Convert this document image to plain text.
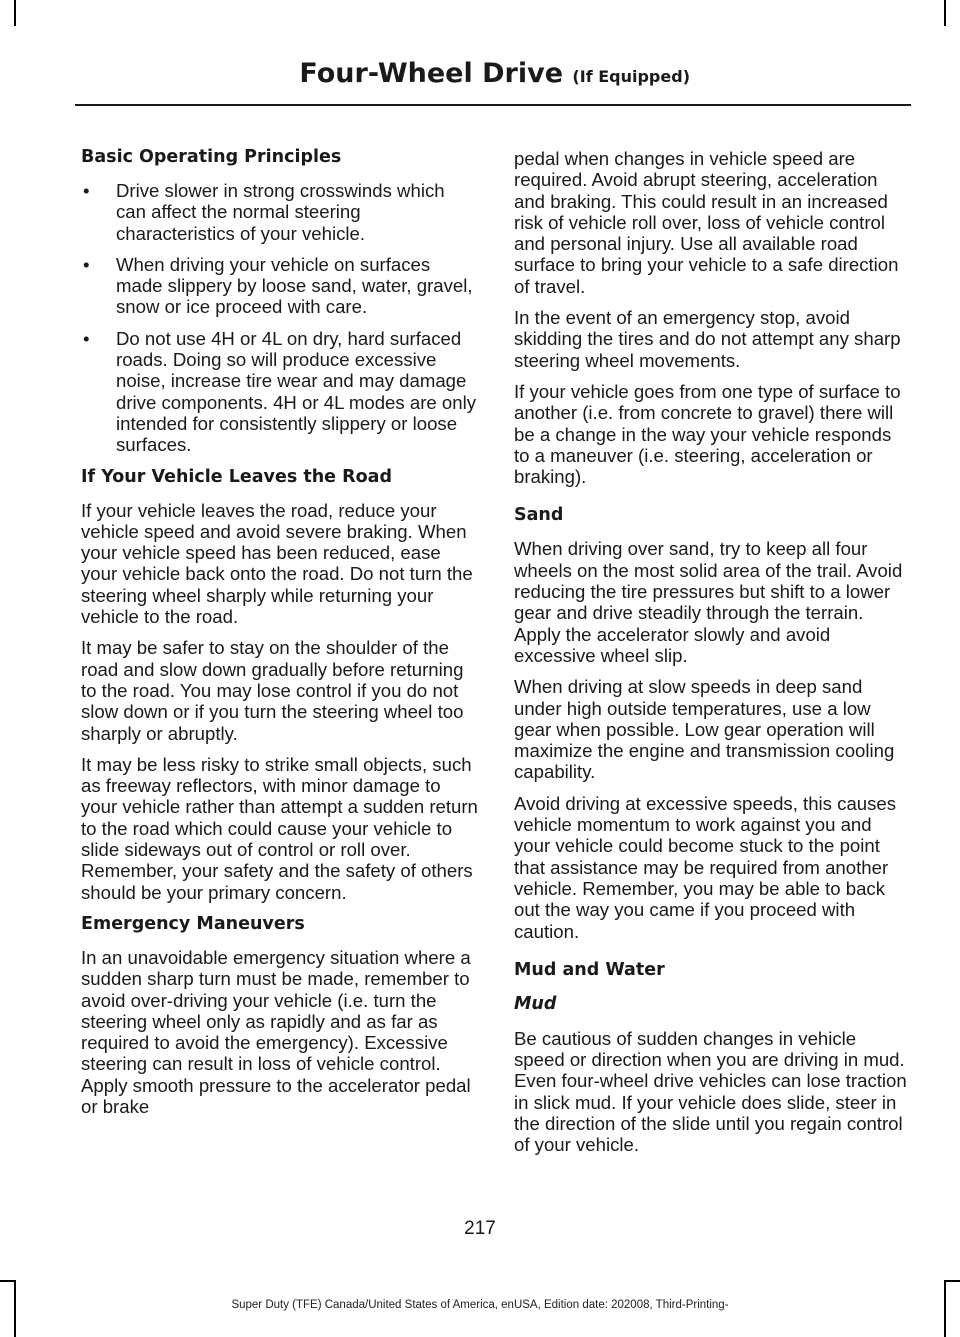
Four-Wheel Drive (If Equipped)
Basic Operating Principles
• Drive slower in strong crosswinds which can affect the normal steering characteristics of your vehicle.
• When driving your vehicle on surfaces made slippery by loose sand, water, gravel, snow or ice proceed with care.
• Do not use 4H or 4L on dry, hard surfaced roads. Doing so will produce excessive noise, increase tire wear and may damage drive components. 4H or 4L modes are only intended for consistently slippery or loose surfaces.
If Your Vehicle Leaves the Road

If your vehicle leaves the road, reduce your vehicle speed and avoid severe braking. When your vehicle speed has been reduced, ease your vehicle back onto the road. Do not turn the steering wheel sharply while returning your vehicle to the road.

It may be safer to stay on the shoulder of the road and slow down gradually before returning to the road. You may lose control if you do not slow down or if you turn the steering wheel too sharply or abruptly.

It may be less risky to strike small objects, such as freeway reflectors, with minor damage to your vehicle rather than attempt a sudden return to the road which could cause your vehicle to slide sideways out of control or roll over. Remember, your safety and the safety of others should be your primary concern.

Emergency Maneuvers

In an unavoidable emergency situation where a sudden sharp turn must be made, remember to avoid over-driving your vehicle (i.e. turn the steering wheel only as rapidly and as far as required to avoid the emergency). Excessive steering can result in loss of vehicle control. Apply smooth pressure to the accelerator pedal or brake

pedal when changes in vehicle speed are required. Avoid abrupt steering, acceleration and braking. This could result in an increased risk of vehicle roll over, loss of vehicle control and personal injury. Use all available road surface to bring your vehicle to a safe direction of travel.

In the event of an emergency stop, avoid skidding the tires and do not attempt any sharp steering wheel movements.

If your vehicle goes from one type of surface to another (i.e. from concrete to gravel) there will be a change in the way your vehicle responds to a maneuver (i.e. steering, acceleration or braking).

Sand

When driving over sand, try to keep all four wheels on the most solid area of the trail. Avoid reducing the tire pressures but shift to a lower gear and drive steadily through the terrain. Apply the accelerator slowly and avoid excessive wheel slip.

When driving at slow speeds in deep sand under high outside temperatures, use a low gear when possible. Low gear operation will maximize the engine and transmission cooling capability.

Avoid driving at excessive speeds, this causes vehicle momentum to work against you and your vehicle could become stuck to the point that assistance may be required from another vehicle. Remember, you may be able to back out the way you came if you proceed with caution.

Mud and Water
Mud

Be cautious of sudden changes in vehicle speed or direction when you are driving in mud. Even four-wheel drive vehicles can lose traction in slick mud. If your vehicle does slide, steer in the direction of the slide until you regain control of your vehicle.

217
Super Duty (TFE) Canada/United States of America, enUSA, Edition date: 202008, Third-Printing-
